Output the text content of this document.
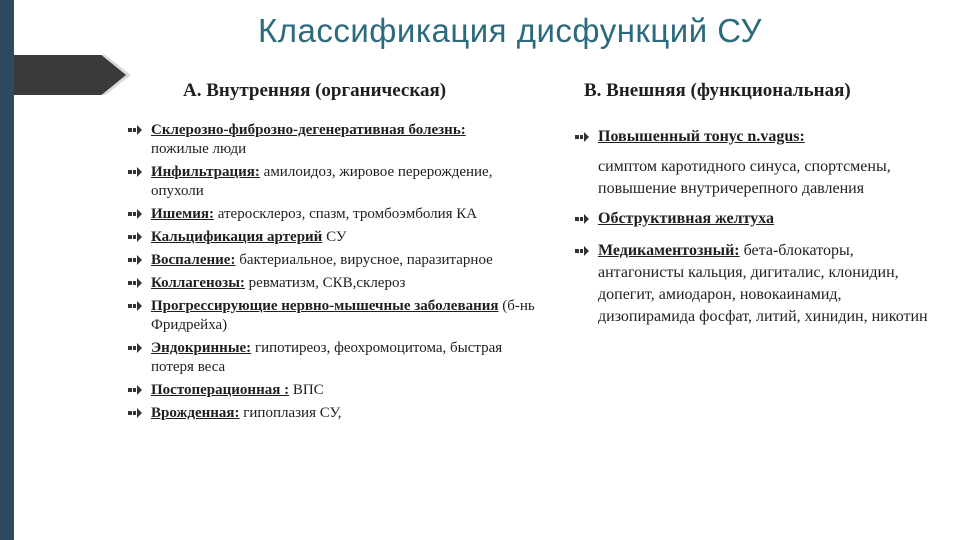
Классификация дисфункций СУ
A. Внутренняя (органическая)	B. Внешняя (функциональная)
Склерозно-фиброзно-дегенеративная болезнь:
пожилые люди
Инфильтрация: амилоидоз, жировое перерождение, опухоли
Ишемия: атеросклероз, спазм, тромбоэмболия КА
Кальцификация артерий СУ
Воспаление: бактериальное, вирусное, паразитарное
Коллагенозы: ревматизм, СКВ,склероз
Прогрессирующие нервно-мышечные заболевания (б-нь Фридрейха)
Эндокринные: гипотиреоз, феохромоцитома, быстрая потеря веса
Постоперационная : ВПС
Врожденная: гипоплазия СУ,
Повышенный тонус n.vagus:
симптом каротидного синуса, спортсмены, повышение внутричерепного давления
Обструктивная желтуха
Медикаментозный: бета-блокаторы, антагонисты кальция, дигиталис, клонидин, допегит, амиодарон, новокаинамид, дизопирамида фосфат, литий, хинидин, никотин
